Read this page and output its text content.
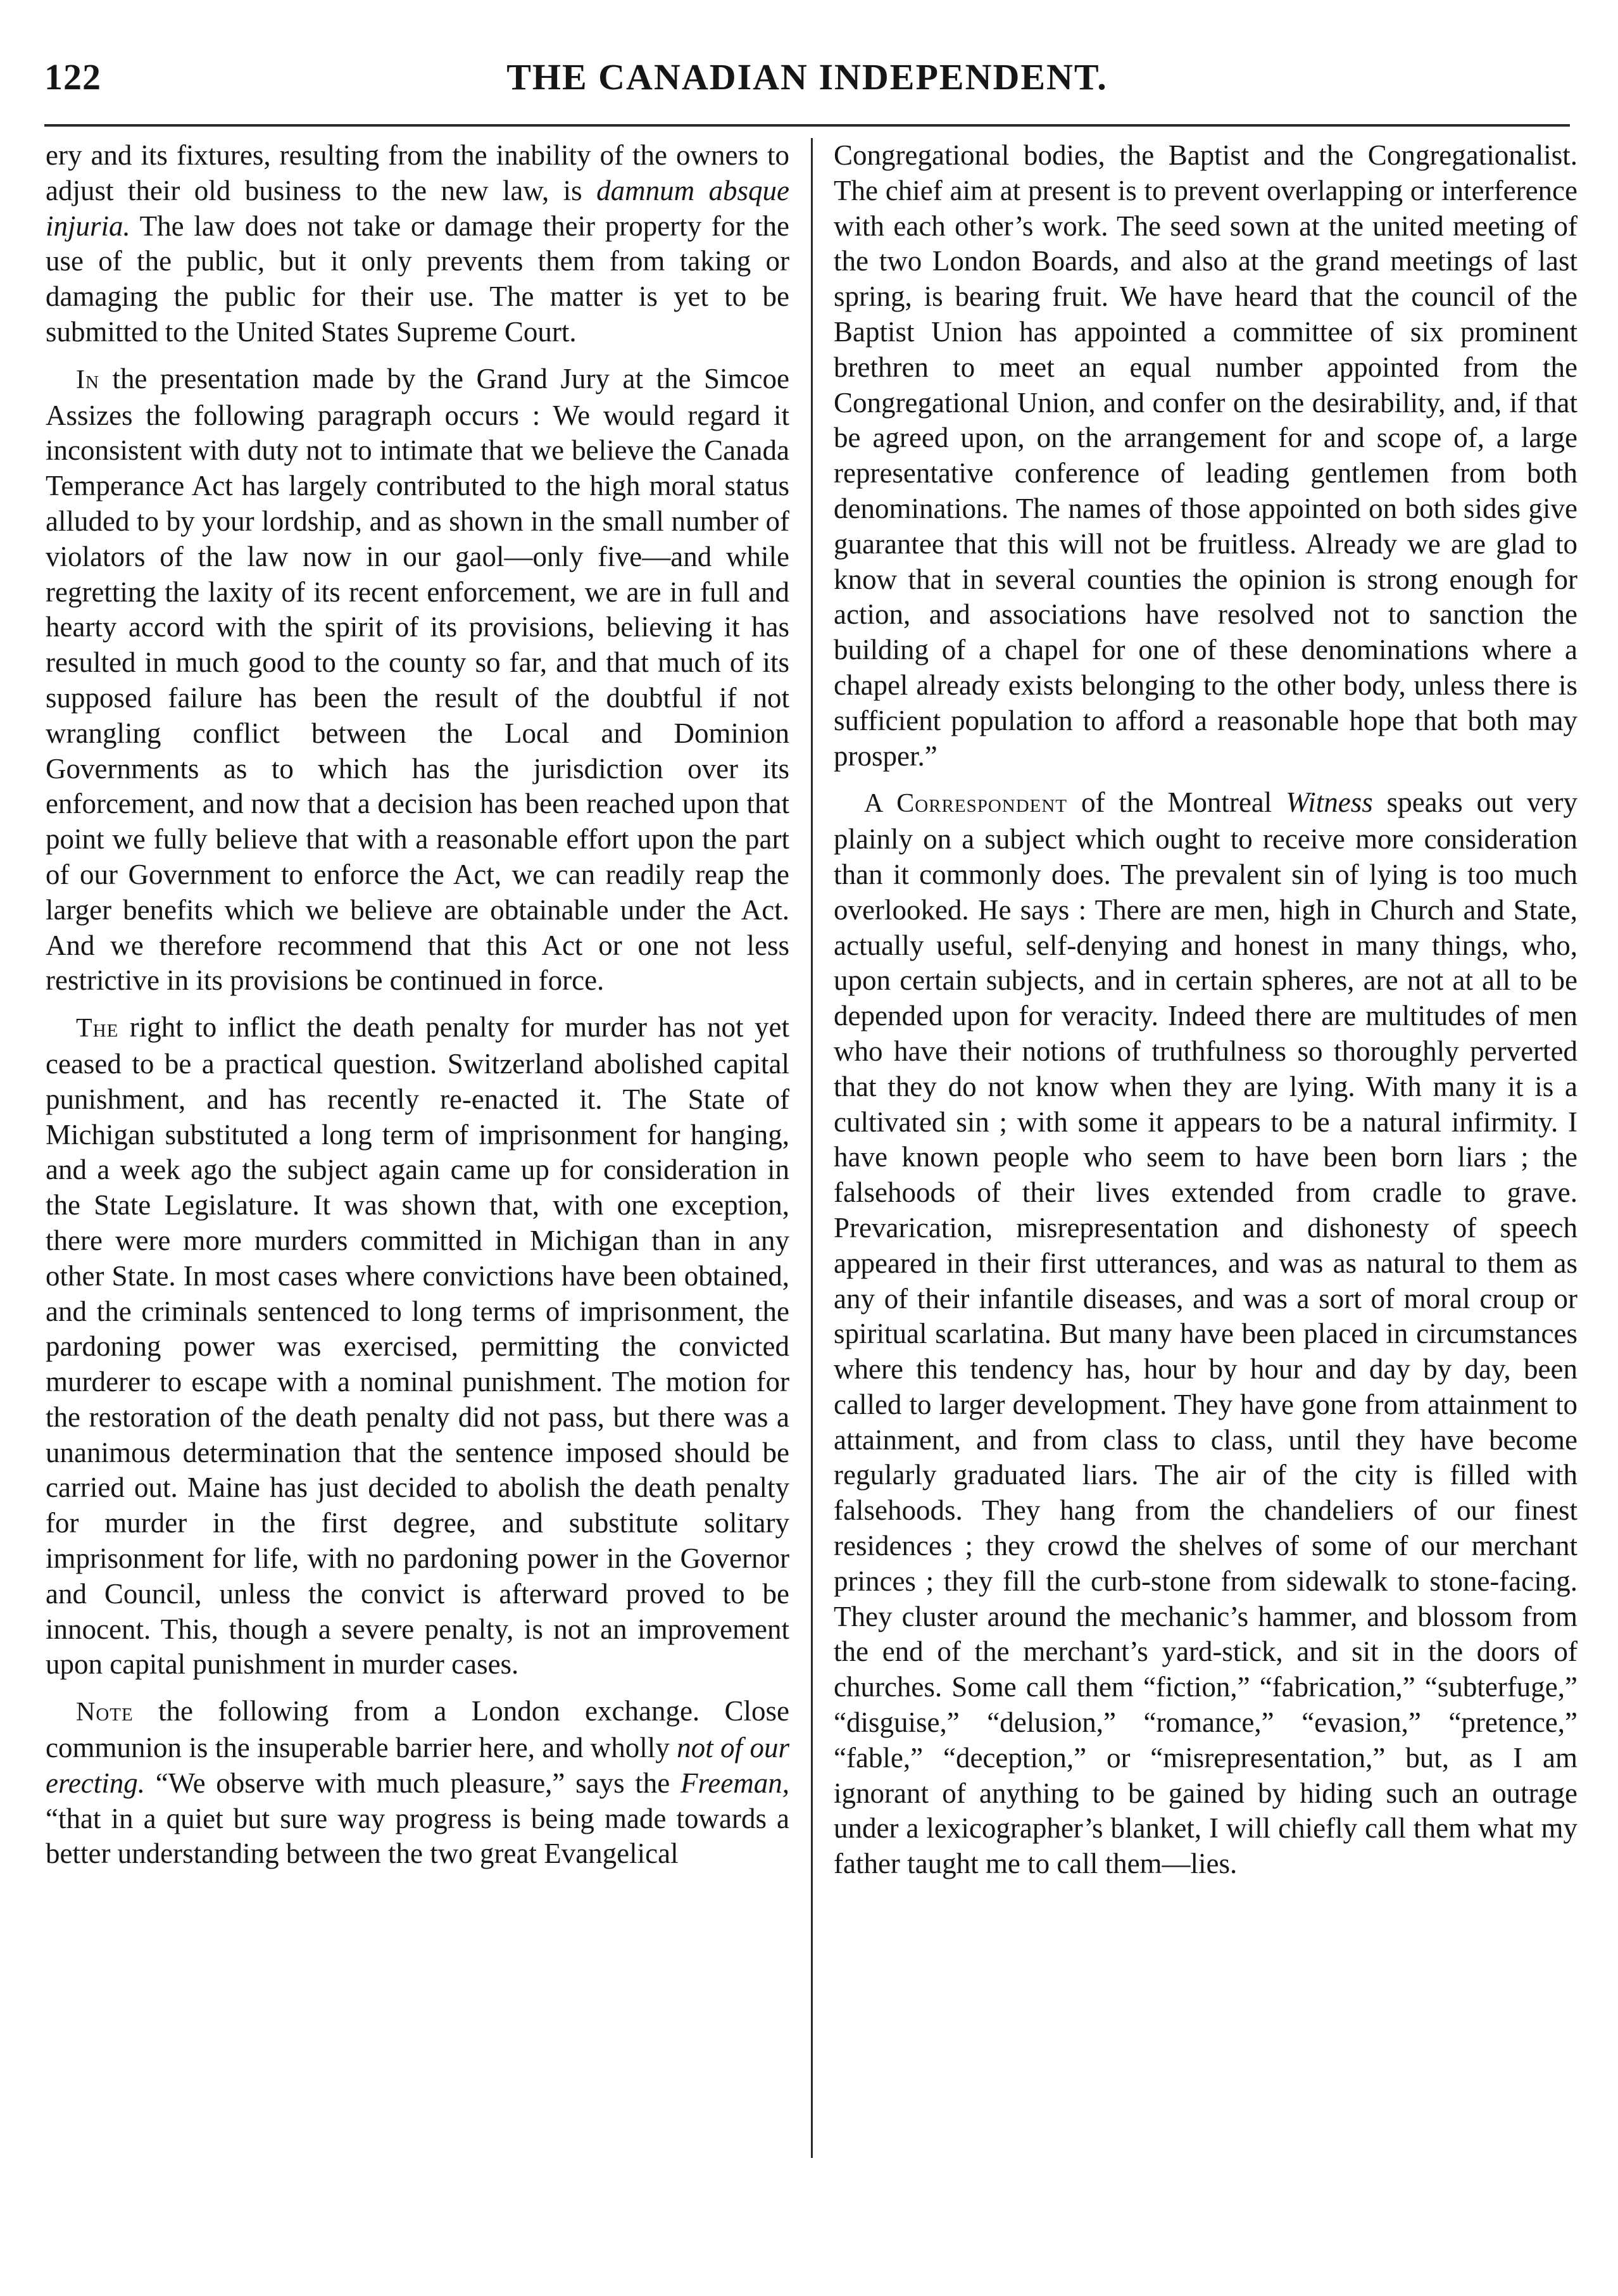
122	THE CANADIAN INDEPENDENT.

ery and its fixtures, resulting from the inability of the owners to adjust their old business to the new law, is damnum absque injuria. The law does not take or damage their property for the use of the public, but it only prevents them from taking or damaging the public for their use. The matter is yet to be submitted to the United States Supreme Court.

In the presentation made by the Grand Jury at the Simcoe Assizes the following paragraph occurs : We would regard it inconsistent with duty not to intimate that we believe the Canada Temperance Act has largely contributed to the high moral status alluded to by your lordship, and as shown in the small number of violators of the law now in our gaol—only five—and while regretting the laxity of its recent enforcement, we are in full and hearty accord with the spirit of its provisions, believing it has resulted in much good to the county so far, and that much of its supposed failure has been the result of the doubtful if not wrangling conflict between the Local and Dominion Governments as to which has the jurisdiction over its enforcement, and now that a decision has been reached upon that point we fully believe that with a reasonable effort upon the part of our Government to enforce the Act, we can readily reap the larger benefits which we believe are obtainable under the Act. And we therefore recommend that this Act or one not less restrictive in its provisions be continued in force.

The right to inflict the death penalty for murder has not yet ceased to be a practical question. Switzerland abolished capital punishment, and has recently re-enacted it. The State of Michigan substituted a long term of imprisonment for hanging, and a week ago the subject again came up for consideration in the State Legislature. It was shown that, with one exception, there were more murders committed in Michigan than in any other State. In most cases where convictions have been obtained, and the criminals sentenced to long terms of imprisonment, the pardoning power was exercised, permitting the convicted murderer to escape with a nominal punishment. The motion for the restoration of the death penalty did not pass, but there was a unanimous determination that the sentence imposed should be carried out. Maine has just decided to abolish the death penalty for murder in the first degree, and substitute solitary imprisonment for life, with no pardoning power in the Governor and Council, unless the convict is afterward proved to be innocent. This, though a severe penalty, is not an improvement upon capital punishment in murder cases.

Note the following from a London exchange. Close communion is the insuperable barrier here, and wholly not of our erecting. “We observe with much pleasure,” says the Freeman, “that in a quiet but sure way progress is being made towards a better understanding between the two great Evangelical

Congregational bodies, the Baptist and the Congregationalist. The chief aim at present is to prevent overlapping or interference with each other’s work. The seed sown at the united meeting of the two London Boards, and also at the grand meetings of last spring, is bearing fruit. We have heard that the council of the Baptist Union has appointed a committee of six prominent brethren to meet an equal number appointed from the Congregational Union, and confer on the desirability, and, if that be agreed upon, on the arrangement for and scope of, a large representative conference of leading gentlemen from both denominations. The names of those appointed on both sides give guarantee that this will not be fruitless. Already we are glad to know that in several counties the opinion is strong enough for action, and associations have resolved not to sanction the building of a chapel for one of these denominations where a chapel already exists belonging to the other body, unless there is sufficient population to afford a reasonable hope that both may prosper.”

A Correspondent of the Montreal Witness speaks out very plainly on a subject which ought to receive more consideration than it commonly does. The prevalent sin of lying is too much overlooked. He says : There are men, high in Church and State, actually useful, self-denying and honest in many things, who, upon certain subjects, and in certain spheres, are not at all to be depended upon for veracity. Indeed there are multitudes of men who have their notions of truthfulness so thoroughly perverted that they do not know when they are lying. With many it is a cultivated sin ; with some it appears to be a natural infirmity. I have known people who seem to have been born liars ; the falsehoods of their lives extended from cradle to grave. Prevarication, misrepresentation and dishonesty of speech appeared in their first utterances, and was as natural to them as any of their infantile diseases, and was a sort of moral croup or spiritual scarlatina. But many have been placed in circumstances where this tendency has, hour by hour and day by day, been called to larger development. They have gone from attainment to attainment, and from class to class, until they have become regularly graduated liars. The air of the city is filled with falsehoods. They hang from the chandeliers of our finest residences ; they crowd the shelves of some of our merchant princes ; they fill the curb-stone from sidewalk to stone-facing. They cluster around the mechanic’s hammer, and blossom from the end of the merchant’s yard-stick, and sit in the doors of churches. Some call them “fiction,” “fabrication,” “subterfuge,” “disguise,” “delusion,” “romance,” “evasion,” “pretence,” “fable,” “deception,” or “misrepresentation,” but, as I am ignorant of anything to be gained by hiding such an outrage under a lexicographer’s blanket, I will chiefly call them what my father taught me to call them—lies.
